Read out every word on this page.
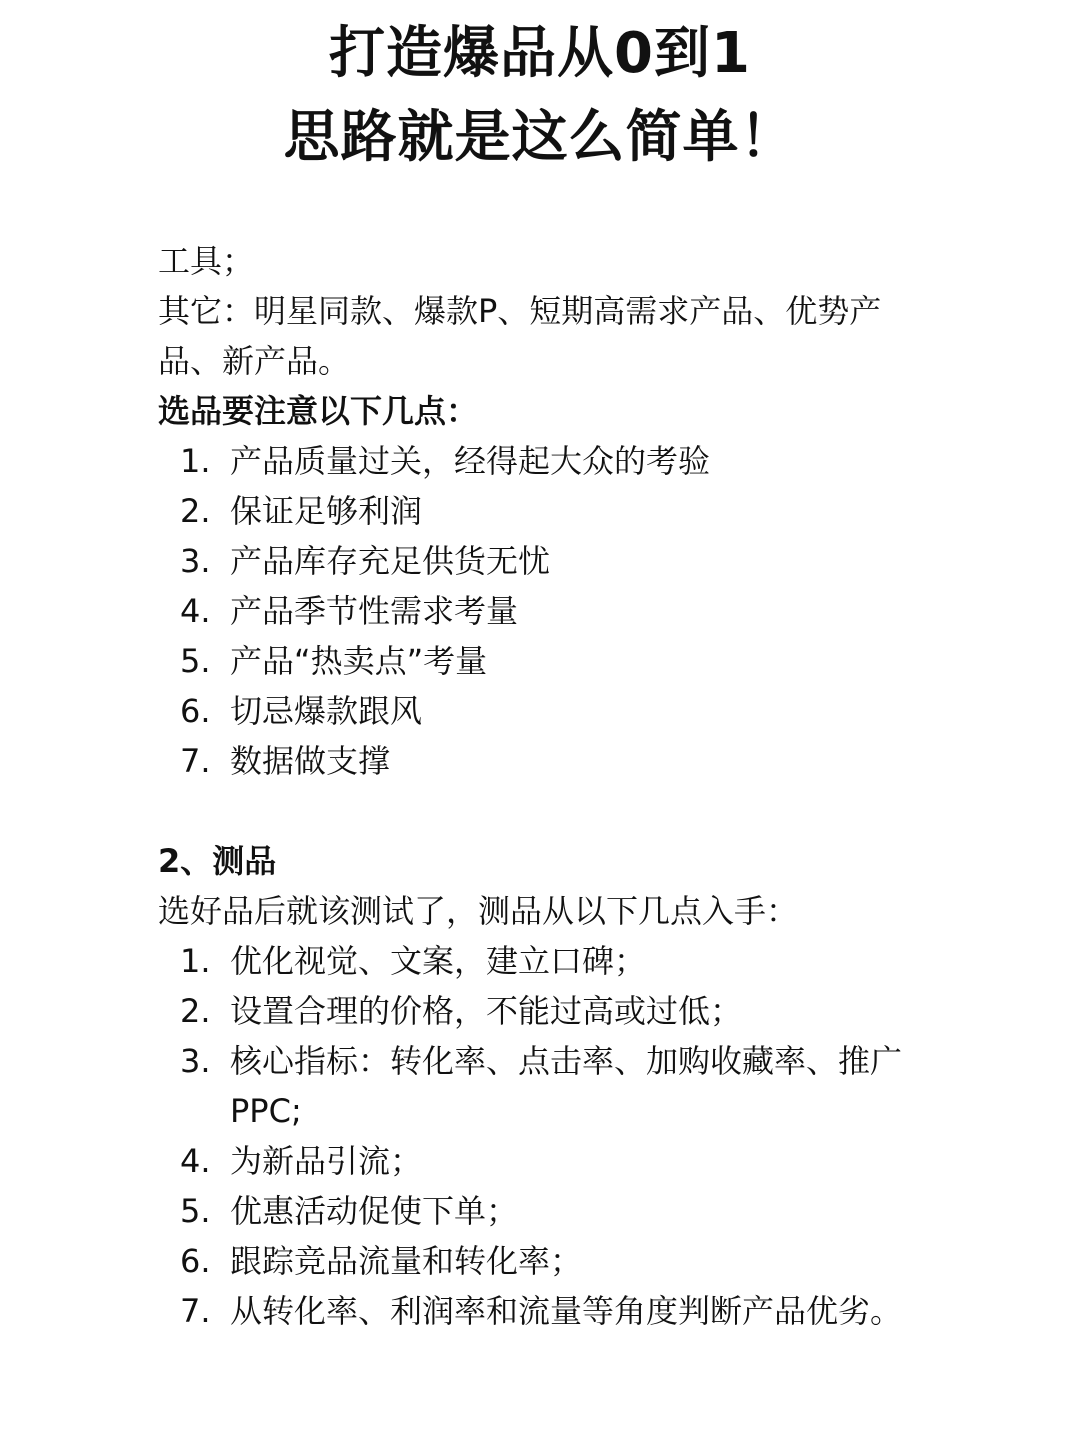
打造爆品从0到1
思路就是这么简单！

工具；

其它：明星同款、爆款P、短期高需求产品、优势产品、新产品。

选品要注意以下几点：

1. 产品质量过关，经得起大众的考验
2. 保证足够利润
3. 产品库存充足供货无忧
4. 产品季节性需求考量
5. 产品“热卖点”考量
6. 切忌爆款跟风
7. 数据做支撑

2、测品

选好品后就该测试了，测品从以下几点入手：

1. 优化视觉、文案，建立口碑；
2. 设置合理的价格，不能过高或过低；
3. 核心指标：转化率、点击率、加购收藏率、推广 PPC;
4. 为新品引流；
5. 优惠活动促使下单；
6. 跟踪竞品流量和转化率；
7. 从转化率、利润率和流量等角度判断产品优劣。
